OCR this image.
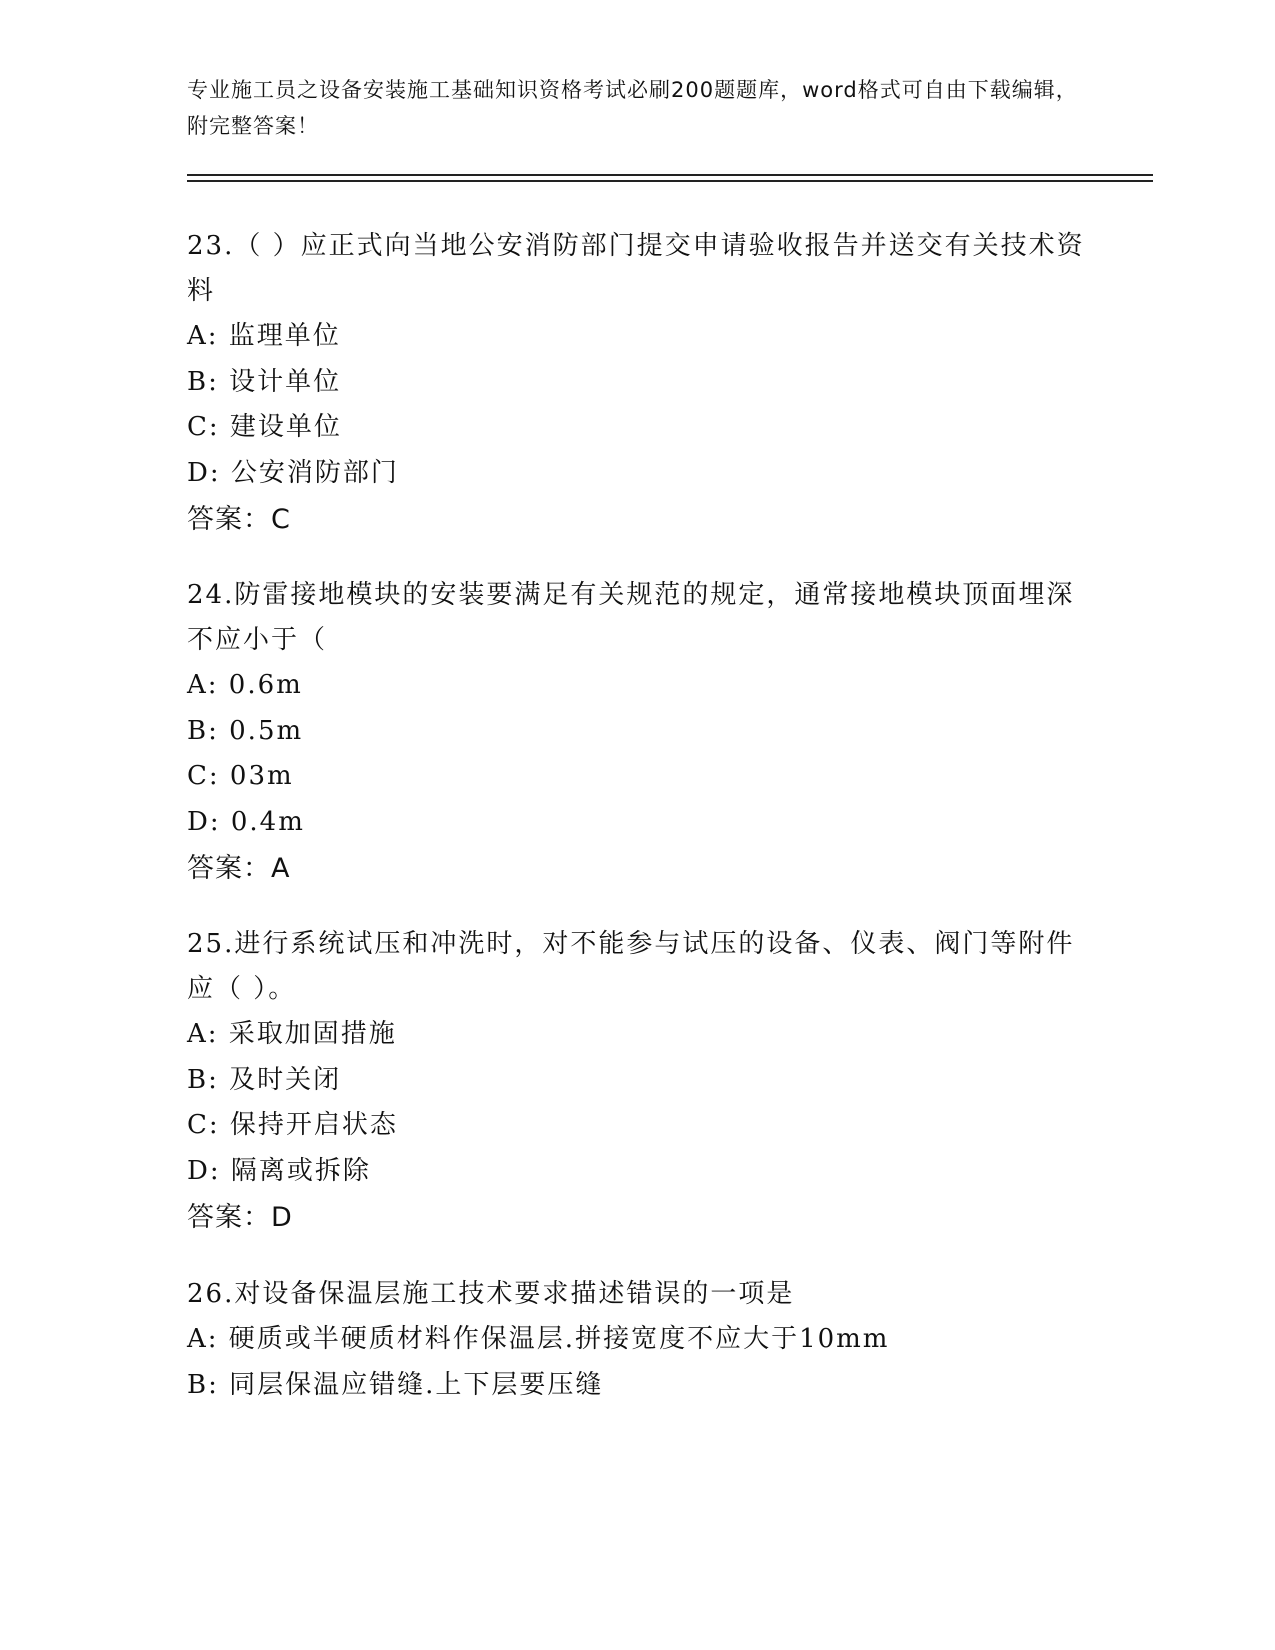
专业施工员之设备安装施工基础知识资格考试必刷200题题库，word格式可自由下载编辑，附完整答案！
23.（ ）应正式向当地公安消防部门提交申请验收报告并送交有关技术资料
A: 监理单位
B: 设计单位
C: 建设单位
D: 公安消防部门
答案：C
24.防雷接地模块的安装要满足有关规范的规定，通常接地模块顶面埋深不应小于（
A: 0.6m
B: 0.5m
C: 03m
D: 0.4m
答案：A
25.进行系统试压和冲洗时，对不能参与试压的设备、仪表、阀门等附件应（ ）。
A: 采取加固措施
B: 及时关闭
C: 保持开启状态
D: 隔离或拆除
答案：D
26.对设备保温层施工技术要求描述错误的一项是
A: 硬质或半硬质材料作保温层.拼接宽度不应大于10mm
B: 同层保温应错缝.上下层要压缝
